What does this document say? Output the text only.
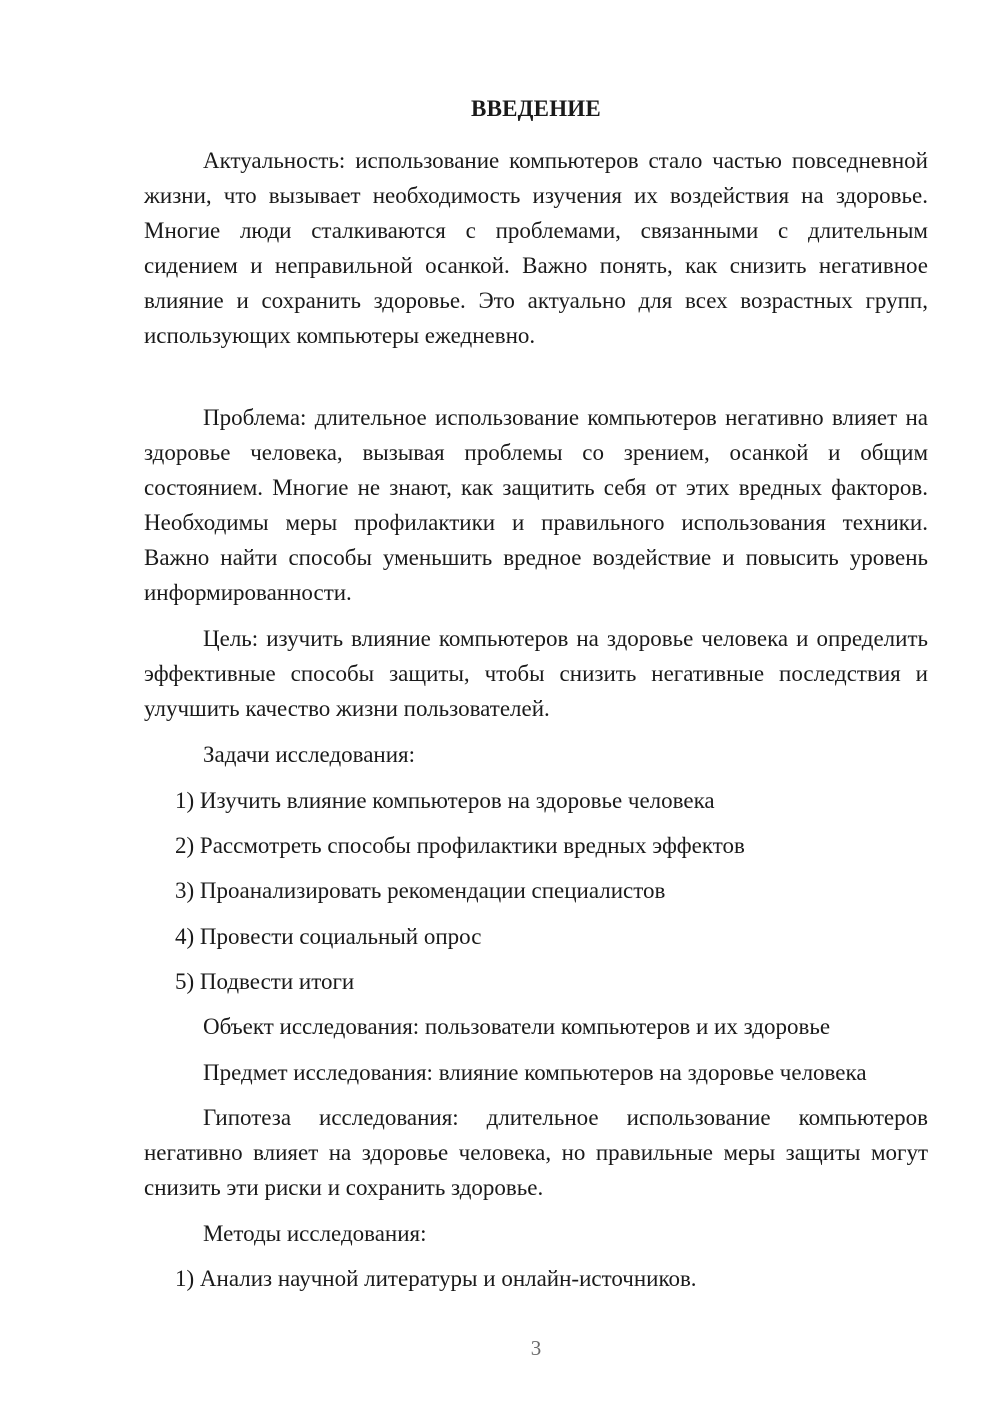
ВВЕДЕНИЕ

Актуальность: использование компьютеров стало частью повседневной жизни, что вызывает необходимость изучения их воздействия на здоровье. Многие люди сталкиваются с проблемами, связанными с длительным сидением и неправильной осанкой. Важно понять, как снизить негативное влияние и сохранить здоровье. Это актуально для всех возрастных групп, использующих компьютеры ежедневно.

Проблема: длительное использование компьютеров негативно влияет на здоровье человека, вызывая проблемы со зрением, осанкой и общим состоянием. Многие не знают, как защитить себя от этих вредных факторов. Необходимы меры профилактики и правильного использования техники. Важно найти способы уменьшить вредное воздействие и повысить уровень информированности.

Цель: изучить влияние компьютеров на здоровье человека и определить эффективные способы защиты, чтобы снизить негативные последствия и улучшить качество жизни пользователей.

Задачи исследования:

1) Изучить влияние компьютеров на здоровье человека

2) Рассмотреть способы профилактики вредных эффектов

3) Проанализировать рекомендации специалистов

4) Провести социальный опрос

5) Подвести итоги

Объект исследования: пользователи компьютеров и их здоровье

Предмет исследования: влияние компьютеров на здоровье человека

Гипотеза исследования: длительное использование компьютеров негативно влияет на здоровье человека, но правильные меры защиты могут снизить эти риски и сохранить здоровье.

Методы исследования:

1) Анализ научной литературы и онлайн-источников.

3
